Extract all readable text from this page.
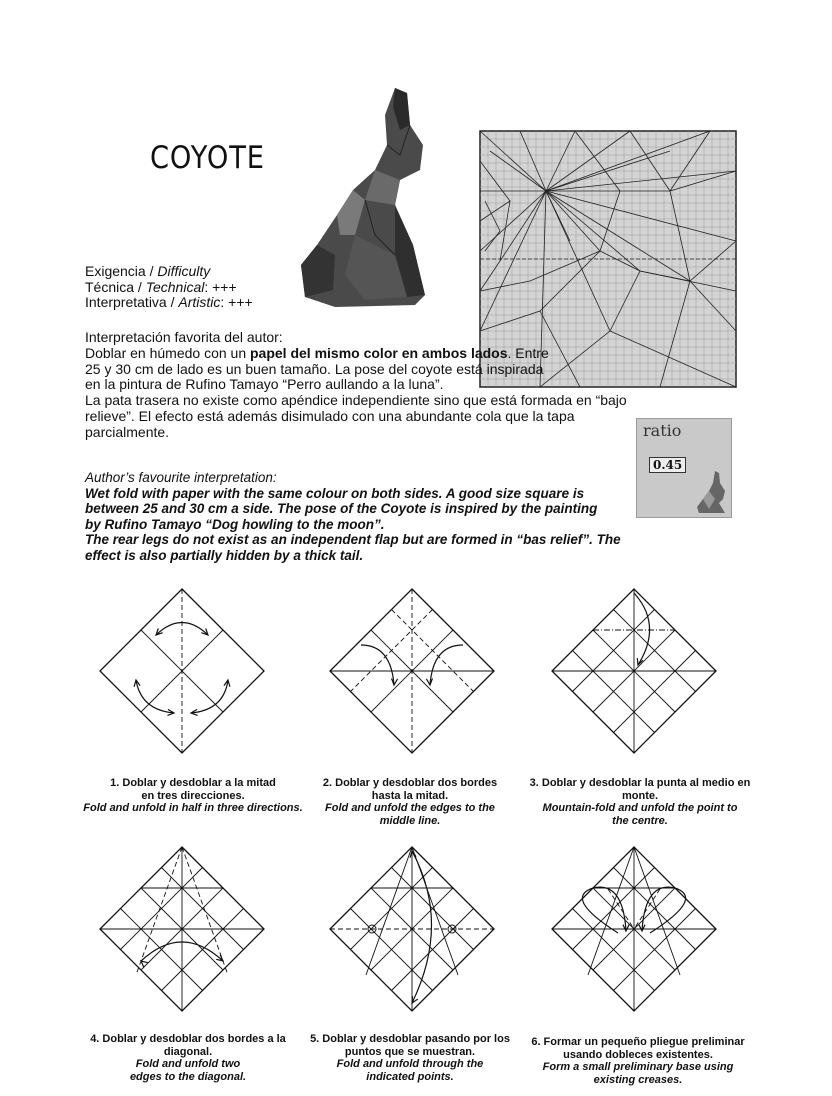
COYOTE
Exigencia / Difficulty
Técnica / Technical: +++
Interpretativa / Artistic: +++

Interpretación favorita del autor:

Doblar en húmedo con un papel del mismo color en ambos lados. Entre 25 y 30 cm de lado es un buen tamaño. La pose del coyote está inspirada en la pintura de Rufino Tamayo “Perro aullando a la luna”.

La pata trasera no existe como apéndice independiente sino que está formada en “bajo relieve”. El efecto está además disimulado con una abundante cola que la tapa parcialmente.	ratio
0.45

Author’s favourite interpretation:

Wet fold with paper with the same colour on both sides. A good size square is between 25 and 30 cm a side. The pose of the Coyote is inspired by the painting by Rufino Tamayo “Dog howling to the moon”.

The rear legs do not exist as an independent flap but are formed in “bas relief”. The effect is also partially hidden by a thick tail.

1. Doblar y desdoblar a la mitad en tres direcciones.
Fold and unfold in half in three directions.
2. Doblar y desdoblar dos bordes hasta la mitad.
Fold and unfold the edges to the middle line.
3. Doblar y desdoblar la punta al medio en monte.
Mountain-fold and unfold the point to the centre.
4. Doblar y desdoblar dos bordes a la diagonal.
Fold and unfold two edges to the diagonal.
5. Doblar y desdoblar pasando por los puntos que se muestran.
Fold and unfold through the indicated points.
6. Formar un pequeño pliegue preliminar usando dobleces existentes.
Form a small preliminary base using existing creases.
